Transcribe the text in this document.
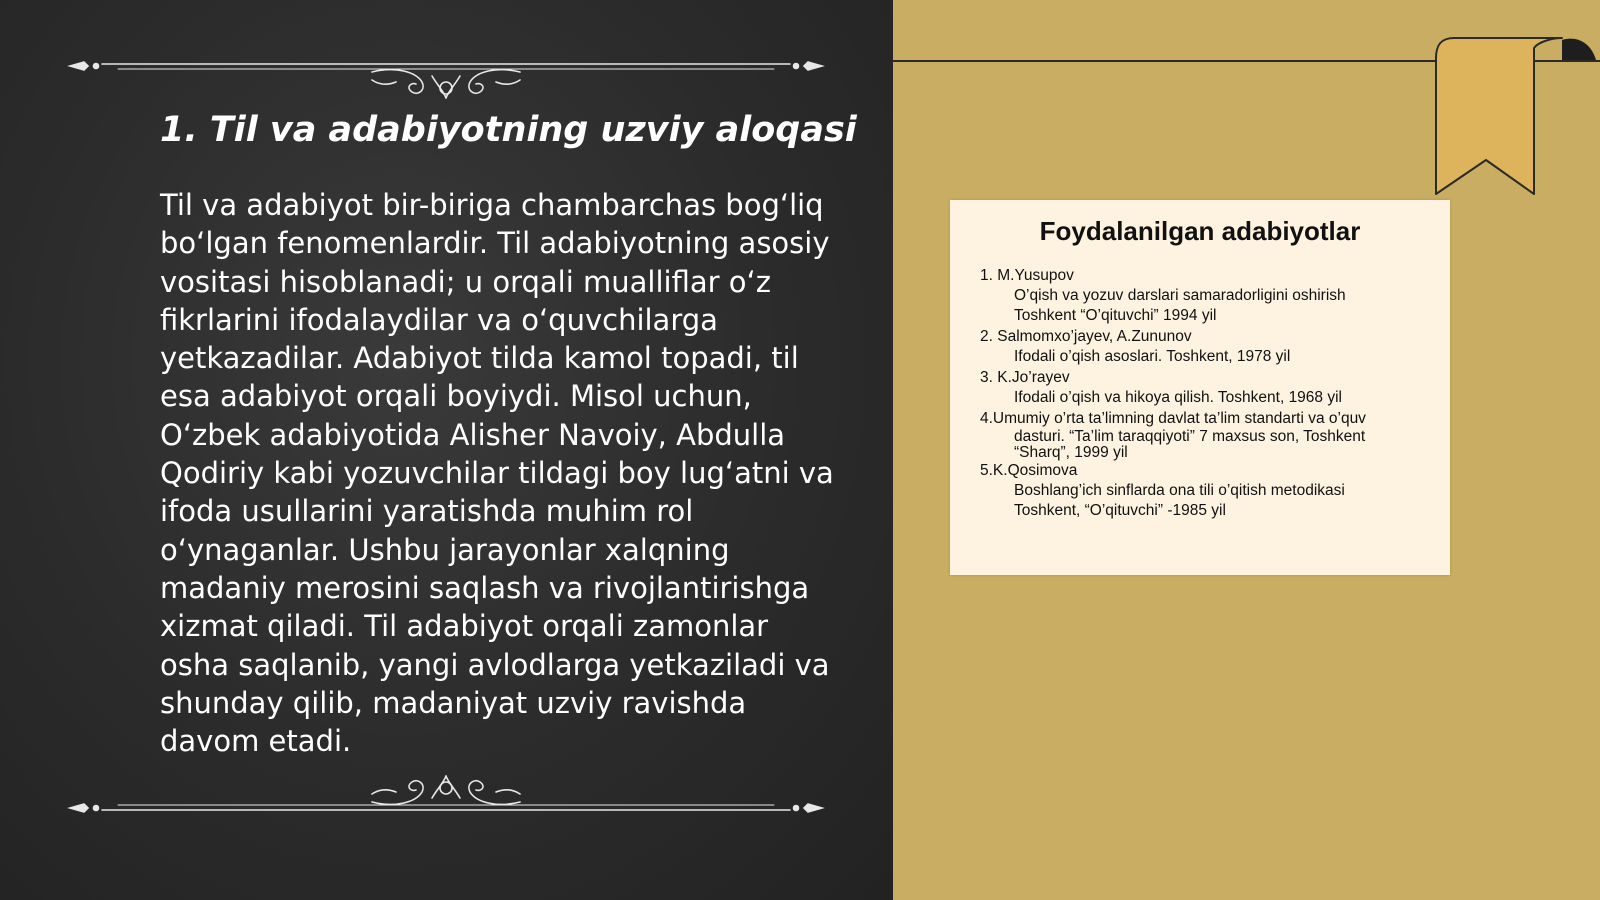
1. Til va adabiyotning uzviy aloqasi

Til va adabiyot bir-biriga chambarchas bog‘liq bo‘lgan fenomenlardir. Til adabiyotning asosiy vositasi hisoblanadi; u orqali mualliflar o‘z fikrlarini ifodalaydilar va o‘quvchilarga yetkazadilar. Adabiyot tilda kamol topadi, til esa adabiyot orqali boyiydi. Misol uchun, O‘zbek adabiyotida Alisher Navoiy, Abdulla Qodiriy kabi yozuvchilar tildagi boy lug‘atni va ifoda usullarini yaratishda muhim rol o‘ynaganlar. Ushbu jarayonlar xalqning madaniy merosini saqlash va rivojlantirishga xizmat qiladi. Til adabiyot orqali zamonlar osha saqlanib, yangi avlodlarga yetkaziladi va shunday qilib, madaniyat uzviy ravishda davom etadi.

Foydalanilgan adabiyotlar
1. M.Yusupov
O’qish va yozuv darslari samaradorligini oshirish
Toshkent “O’qituvchi” 1994 yil
2. Salmomxo’jayev, A.Zununov
Ifodali o’qish asoslari. Toshkent, 1978 yil
3. K.Jo’rayev
Ifodali o’qish va hikoya qilish. Toshkent, 1968 yil
4.Umumiy o’rta ta’limning davlat ta’lim standarti va o’quv
dasturi. “Ta’lim taraqqiyoti” 7 maxsus son, Toshkent
“Sharq”, 1999 yil
5.K.Qosimova
Boshlang’ich sinflarda ona tili o’qitish metodikasi
Toshkent, “O’qituvchi” -1985 yil
